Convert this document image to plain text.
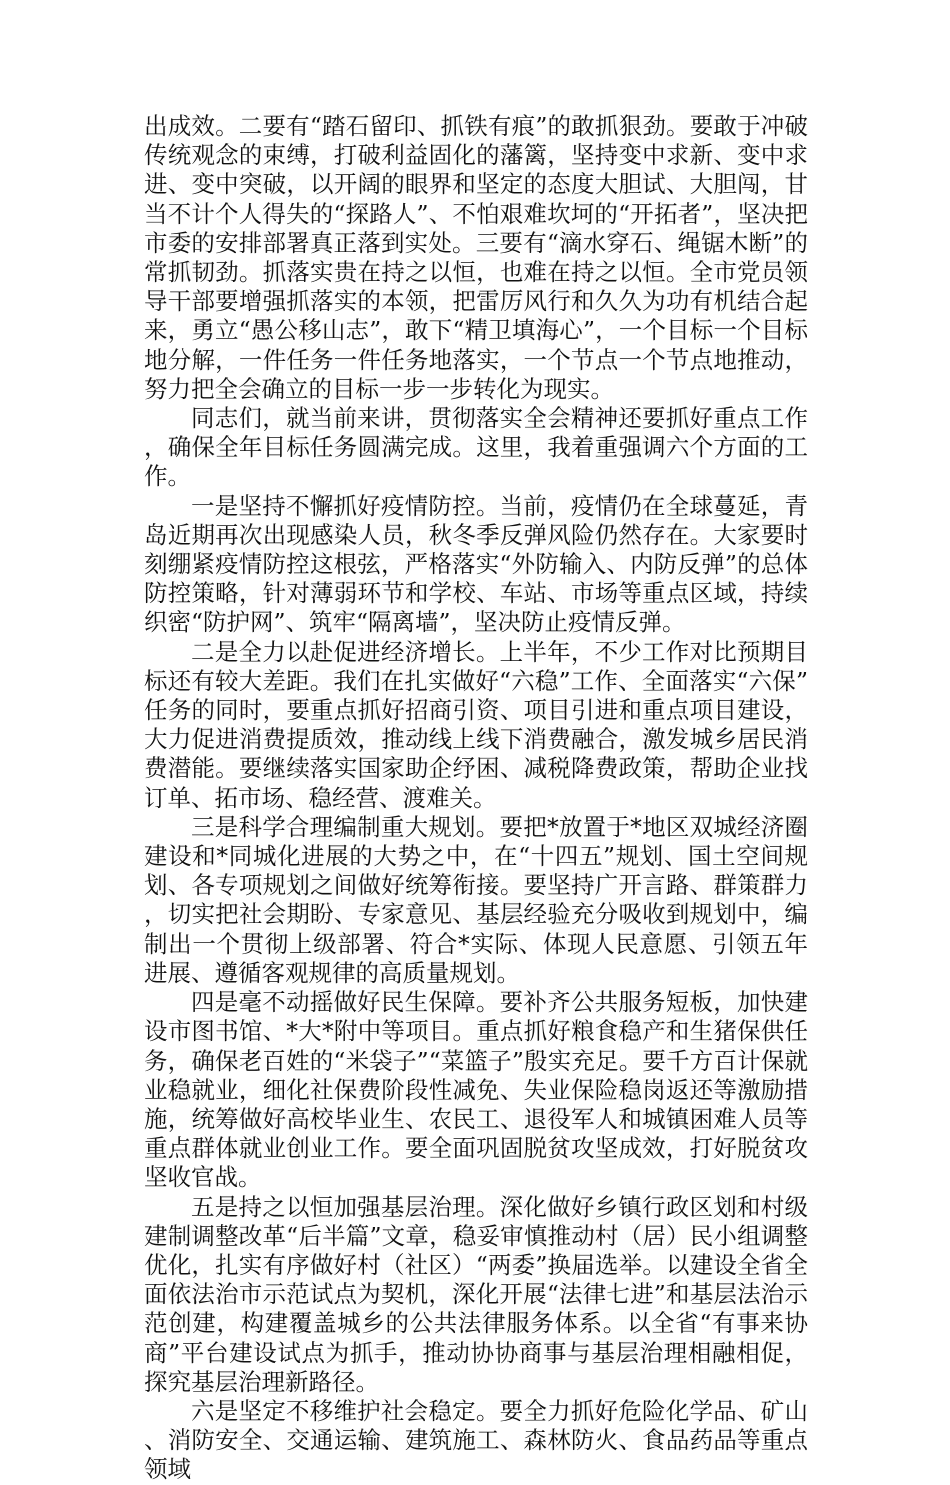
出成效。二要有“踏石留印、抓铁有痕”的敢抓狠劲。要敢于冲破传统观念的束缚，打破利益固化的藩篱，坚持变中求新、变中求进、变中突破，以开阔的眼界和坚定的态度大胆试、大胆闯，甘当不计个人得失的“探路人”、不怕艰难坎坷的“开拓者”，坚决把市委的安排部署真正落到实处。三要有“滴水穿石、绳锯木断”的常抓韧劲。抓落实贵在持之以恒，也难在持之以恒。全市党员领导干部要增强抓落实的本领，把雷厉风行和久久为功有机结合起来，勇立“愚公移山志”，敢下“精卫填海心”，一个目标一个目标地分解，一件任务一件任务地落实，一个节点一个节点地推动，努力把全会确立的目标一步一步转化为现实。

同志们，就当前来讲，贯彻落实全会精神还要抓好重点工作，确保全年目标任务圆满完成。这里，我着重强调六个方面的工作。

一是坚持不懈抓好疫情防控。当前，疫情仍在全球蔓延，青岛近期再次出现感染人员，秋冬季反弹风险仍然存在。大家要时刻绷紧疫情防控这根弦，严格落实“外防输入、内防反弹”的总体防控策略，针对薄弱环节和学校、车站、市场等重点区域，持续织密“防护网”、筑牢“隔离墙”，坚决防止疫情反弹。

二是全力以赴促进经济增长。上半年，不少工作对比预期目标还有较大差距。我们在扎实做好“六稳”工作、全面落实“六保”任务的同时，要重点抓好招商引资、项目引进和重点项目建设，大力促进消费提质效，推动线上线下消费融合，激发城乡居民消费潜能。要继续落实国家助企纾困、减税降费政策，帮助企业找订单、拓市场、稳经营、渡难关。

三是科学合理编制重大规划。要把*放置于*地区双城经济圈建设和*同城化进展的大势之中，在“十四五”规划、国土空间规划、各专项规划之间做好统筹衔接。要坚持广开言路、群策群力，切实把社会期盼、专家意见、基层经验充分吸收到规划中，编制出一个贯彻上级部署、符合*实际、体现人民意愿、引领五年进展、遵循客观规律的高质量规划。

四是毫不动摇做好民生保障。要补齐公共服务短板，加快建设市图书馆、*大*附中等项目。重点抓好粮食稳产和生猪保供任务，确保老百姓的“米袋子”“菜篮子”殷实充足。要千方百计保就业稳就业，细化社保费阶段性减免、失业保险稳岗返还等激励措施，统筹做好高校毕业生、农民工、退役军人和城镇困难人员等重点群体就业创业工作。要全面巩固脱贫攻坚成效，打好脱贫攻坚收官战。

五是持之以恒加强基层治理。深化做好乡镇行政区划和村级建制调整改革“后半篇”文章，稳妥审慎推动村（居）民小组调整优化，扎实有序做好村（社区）“两委”换届选举。以建设全省全面依法治市示范试点为契机，深化开展“法律七进”和基层法治示范创建，构建覆盖城乡的公共法律服务体系。以全省“有事来协商”平台建设试点为抓手，推动协协商事与基层治理相融相促，探究基层治理新路径。

六是坚定不移维护社会稳定。要全力抓好危险化学品、矿山、消防安全、交通运输、建筑施工、森林防火、食品药品等重点领域
